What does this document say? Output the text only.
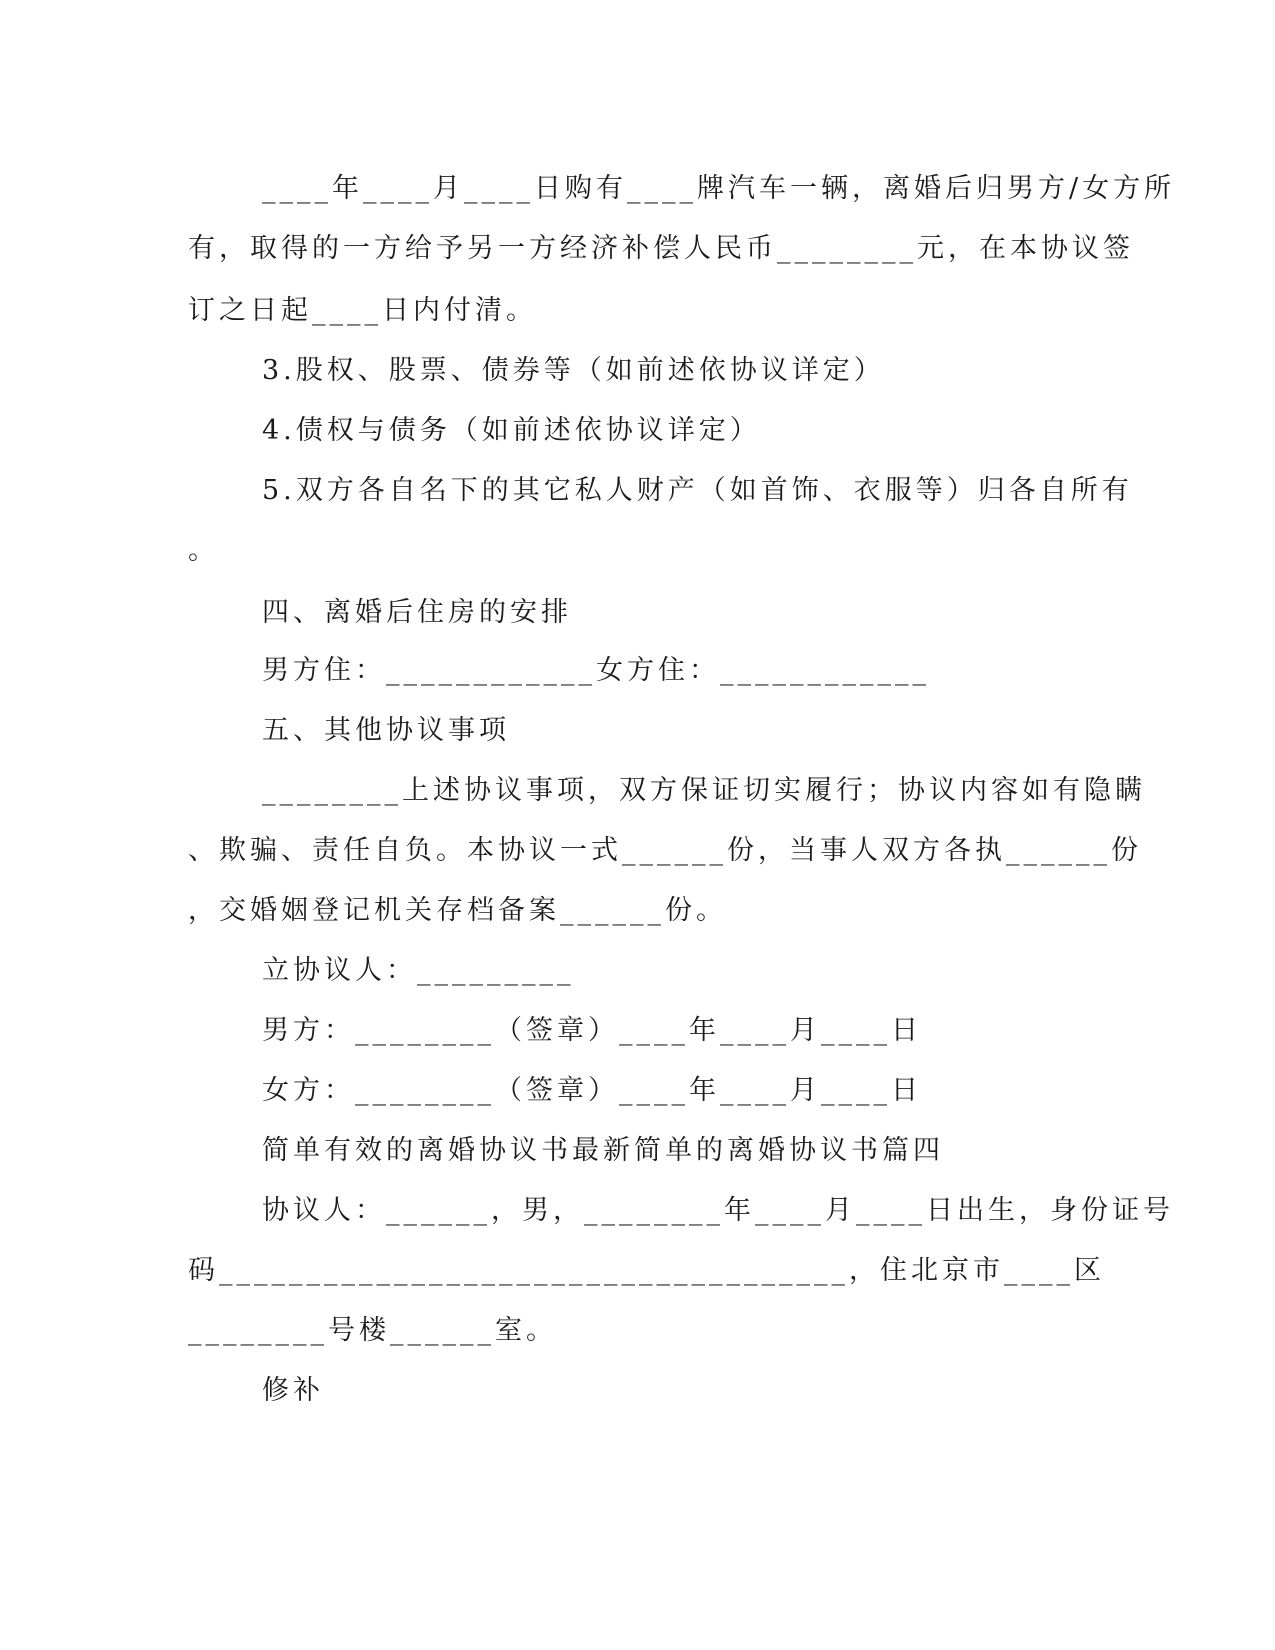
____年____月____日购有____牌汽车一辆，离婚后归男方/女方所
有，取得的一方给予另一方经济补偿人民币________元，在本协议签
订之日起____日内付清。
3.股权、股票、债券等（如前述依协议详定）
4.债权与债务（如前述依协议详定）
5.双方各自名下的其它私人财产（如首饰、衣服等）归各自所有
。
四、离婚后住房的安排
男方住：____________女方住：____________
五、其他协议事项
________上述协议事项，双方保证切实履行；协议内容如有隐瞒
、欺骗、责任自负。本协议一式______份，当事人双方各执______份
，交婚姻登记机关存档备案______份。
立协议人：_________
男方：________（签章）____年____月____日
女方：________（签章）____年____月____日
简单有效的离婚协议书最新简单的离婚协议书篇四
协议人：______，男，________年____月____日出生，身份证号
码____________________________________，住北京市____区
________号楼______室。
修补
